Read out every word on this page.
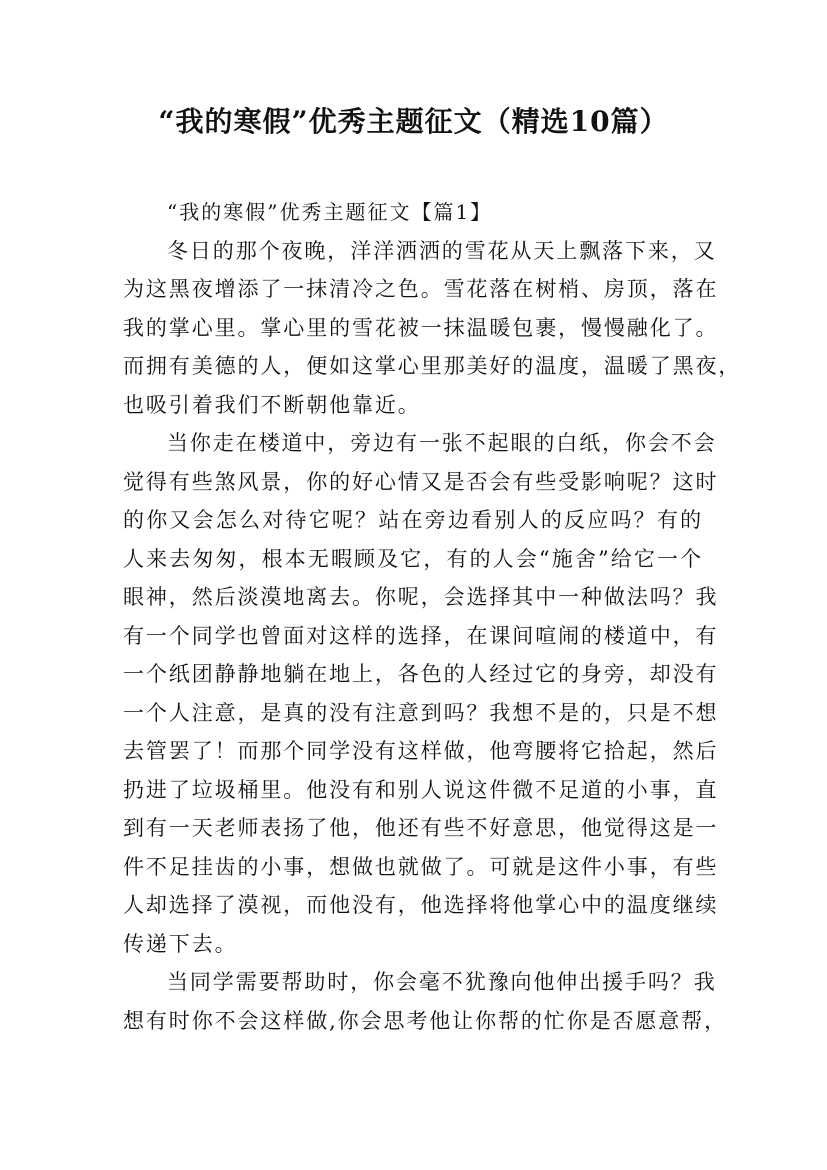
“我的寒假”优秀主题征文（精选10篇）
“我的寒假”优秀主题征文【篇1】
冬日的那个夜晚，洋洋洒洒的雪花从天上飘落下来，又
为这黑夜增添了一抹清冷之色。雪花落在树梢、房顶，落在
我的掌心里。掌心里的雪花被一抹温暖包裹，慢慢融化了。
而拥有美德的人，便如这掌心里那美好的温度，温暖了黑夜，
也吸引着我们不断朝他靠近。
当你走在楼道中，旁边有一张不起眼的白纸，你会不会
觉得有些煞风景，你的好心情又是否会有些受影响呢？这时
的你又会怎么对待它呢？站在旁边看别人的反应吗？有的
人来去匆匆，根本无暇顾及它，有的人会“施舍”给它一个
眼神，然后淡漠地离去。你呢，会选择其中一种做法吗？我
有一个同学也曾面对这样的选择，在课间喧闹的楼道中，有
一个纸团静静地躺在地上，各色的人经过它的身旁，却没有
一个人注意，是真的没有注意到吗？我想不是的，只是不想
去管罢了！而那个同学没有这样做，他弯腰将它拾起，然后
扔进了垃圾桶里。他没有和别人说这件微不足道的小事，直
到有一天老师表扬了他，他还有些不好意思，他觉得这是一
件不足挂齿的小事，想做也就做了。可就是这件小事，有些
人却选择了漠视，而他没有，他选择将他掌心中的温度继续
传递下去。
当同学需要帮助时，你会毫不犹豫向他伸出援手吗？我
想有时你不会这样做,你会思考他让你帮的忙你是否愿意帮，
